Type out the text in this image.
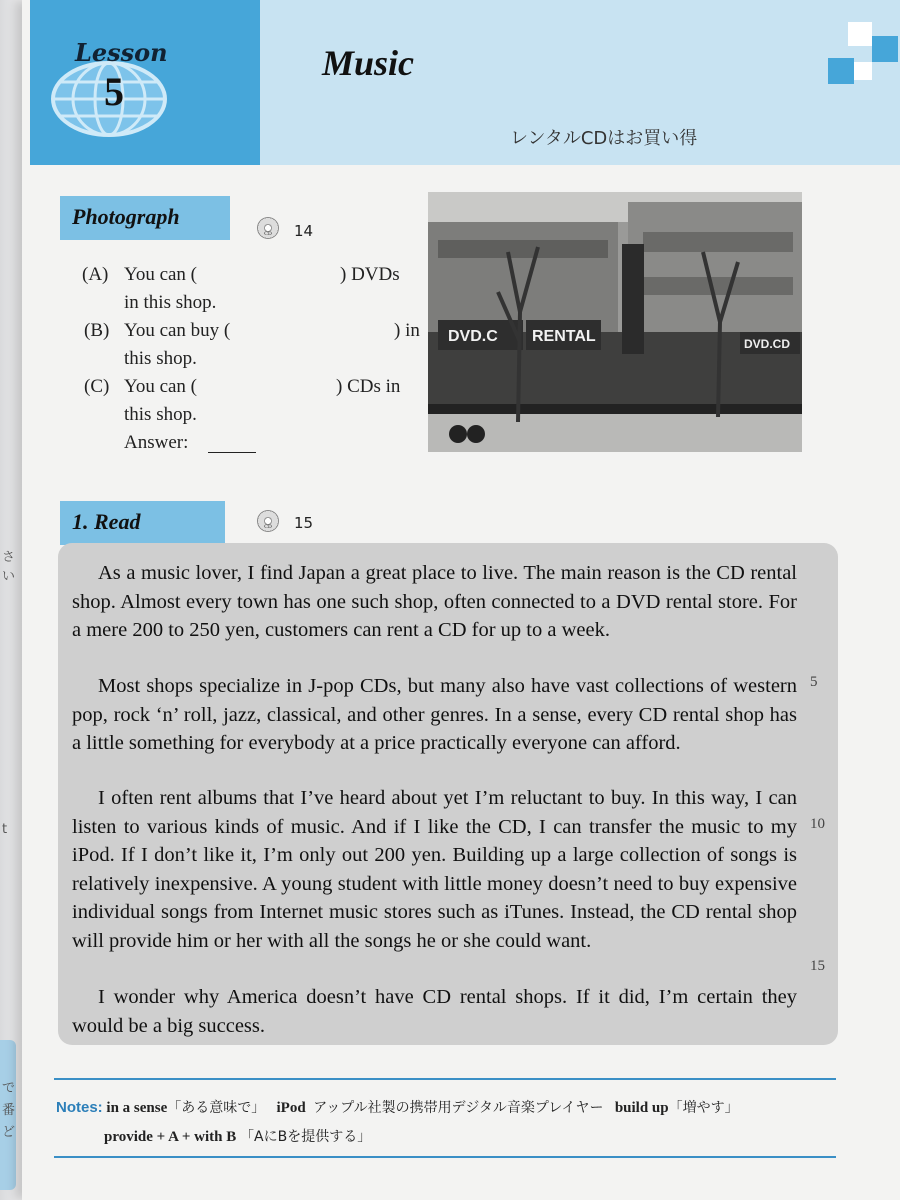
さい
t
で
番
ど
Lesson
5
Music
レンタルCDはお買い得
Photograph
CD	14
(A) You can (	) DVDs
in this shop.
(B) You can buy (	) in
this shop.
(C) You can (	) CDs in
this shop.
Answer:
DVD.C RENTAL	DVD.CD
1. Read	CD	15

As a music lover, I find Japan a great place to live. The main reason is the CD rental shop. Almost every town has one such shop, often connected to a DVD rental store. For a mere 200 to 250 yen, customers can rent a CD for up to a week.

Most shops specialize in J-pop CDs, but many also have vast collections of western pop, rock ‘n’ roll, jazz, classical, and other genres. In a sense, every CD rental shop has a little something for everybody at a price practically everyone can afford.

I often rent albums that I’ve heard about yet I’m reluctant to buy. In this way, I can listen to various kinds of music. And if I like the CD, I can transfer the music to my iPod. If I don’t like it, I’m only out 200 yen. Building up a large collection of songs is relatively inexpensive. A young student with little money doesn’t need to buy expensive individual songs from Internet music stores such as iTunes. Instead, the CD rental shop will provide him or her with all the songs he or she could want.

I wonder why America doesn’t have CD rental shops. If it did, I’m certain they would be a big success.

5
10
15
Notes: in a sense「ある意味で」 iPod アップル社製の携帯用デジタル音楽プレイヤー build up「増やす」
provide + A + with B 「AにBを提供する」
